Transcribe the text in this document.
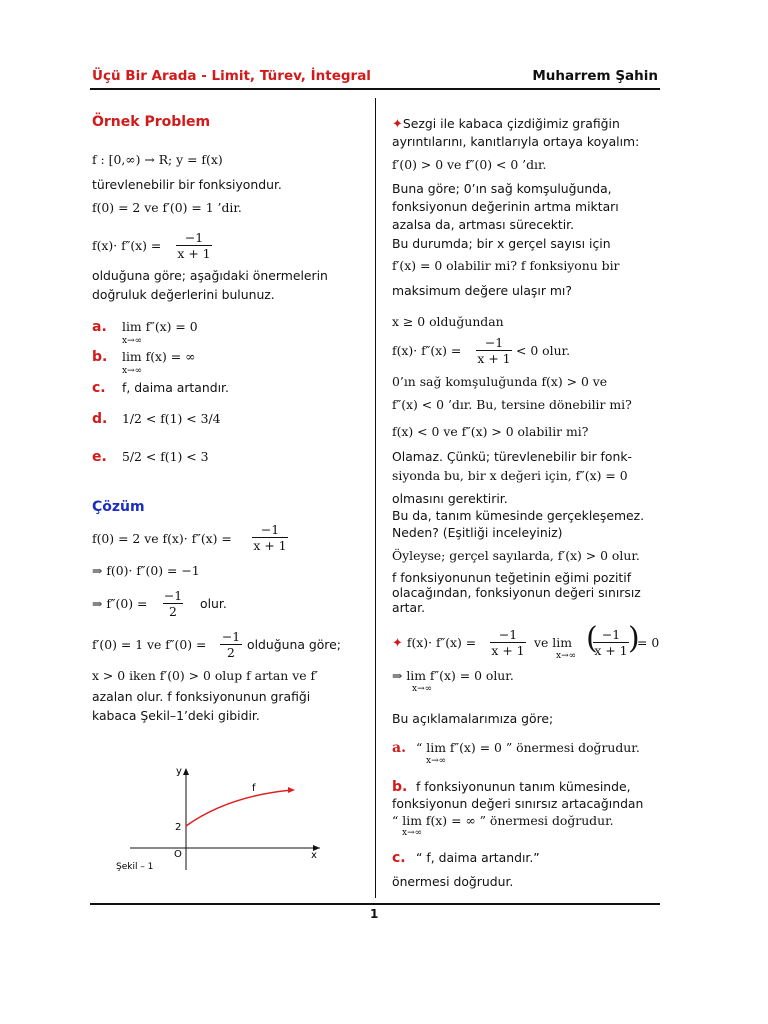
Üçü Bir Arada - Limit, Türev, İntegral	Muharrem Şahin
Örnek Problem
f : [0,∞) → R; y = f(x)
türevlenebilir bir fonksiyondur.
f(0) = 2 ve f′(0) = 1 ’dir.
$f(x)\cdot f''(x) = \frac{-1}{x + 1}$
olduğuna göre; aşağıdaki önermelerin
doğruluk değerlerini bulunuz.
a. lim f″(x) = 0
x→∞
b. lim f(x) = ∞
x→∞
c. f, daima artandır.
d. 1/2 < f(1) < 3/4
e. 5/2 < f(1) < 3
Çözüm
f(0) = 2 ve $f(x)\cdot f''(x) = \frac{-1}{x + 1}$
⇒ f(0)· f″(0) = −1
⇒ $f''(0) = \frac{-1}{2}$ olur.
f′(0) = 1 ve $f''(0) = \frac{-1}{2}$ olduğuna göre;
x > 0 iken f′(0) > 0 olup f artan ve f′
azalan olur. f fonksiyonunun grafiği
kabaca Şekil–1’deki gibidir.
y
x
O
2
f
Şekil – 1
✦Sezgi ile kabaca çizdiğimiz grafiğin
ayrıntılarını, kanıtlarıyla ortaya koyalım:
f′(0) > 0 ve f″(0) < 0 ’dır.
Buna göre; 0’ın sağ komşuluğunda,
fonksiyonun değerinin artma miktarı
azalsa da, artması sürecektir.
Bu durumda; bir x gerçel sayısı için
f′(x) = 0 olabilir mi? f fonksiyonu bir
maksimum değere ulaşır mı?
x ≥ 0 olduğundan
$f(x)\cdot f''(x) = \frac{-1}{x + 1} < 0$ olur.
0’ın sağ komşuluğunda f(x) > 0 ve
f″(x) < 0 ’dır. Bu, tersine dönebilir mi?
f(x) < 0 ve f″(x) > 0 olabilir mi?
Olamaz. Çünkü; türevlenebilir bir fonk-
siyonda bu, bir x değeri için, f″(x) = 0
olmasını gerektirir.
Bu da, tanım kümesinde gerçekleşemez.
Neden? (Eşitliği inceleyiniz)
Öyleyse; gerçel sayılarda, f′(x) > 0 olur.
f fonksiyonunun teğetinin eğimi pozitif
olacağından, fonksiyonun değeri sınırsız
artar.
✦ $f(x)\cdot f''(x) = \frac{-1}{x + 1}$ ve lim
x→∞ (
$\frac{-1}{x + 1}$ )
= 0
⇒ lim f″(x) = 0 olur.
x→∞
Bu açıklamalarımıza göre;
a. “ lim f″(x) = 0 ” önermesi doğrudur.
x→∞
b. f fonksiyonunun tanım kümesinde,
fonksiyonun değeri sınırsız artacağından
“ lim f(x) = ∞ ” önermesi doğrudur.
x→∞
c. “ f, daima artandır.”
önermesi doğrudur.
1
